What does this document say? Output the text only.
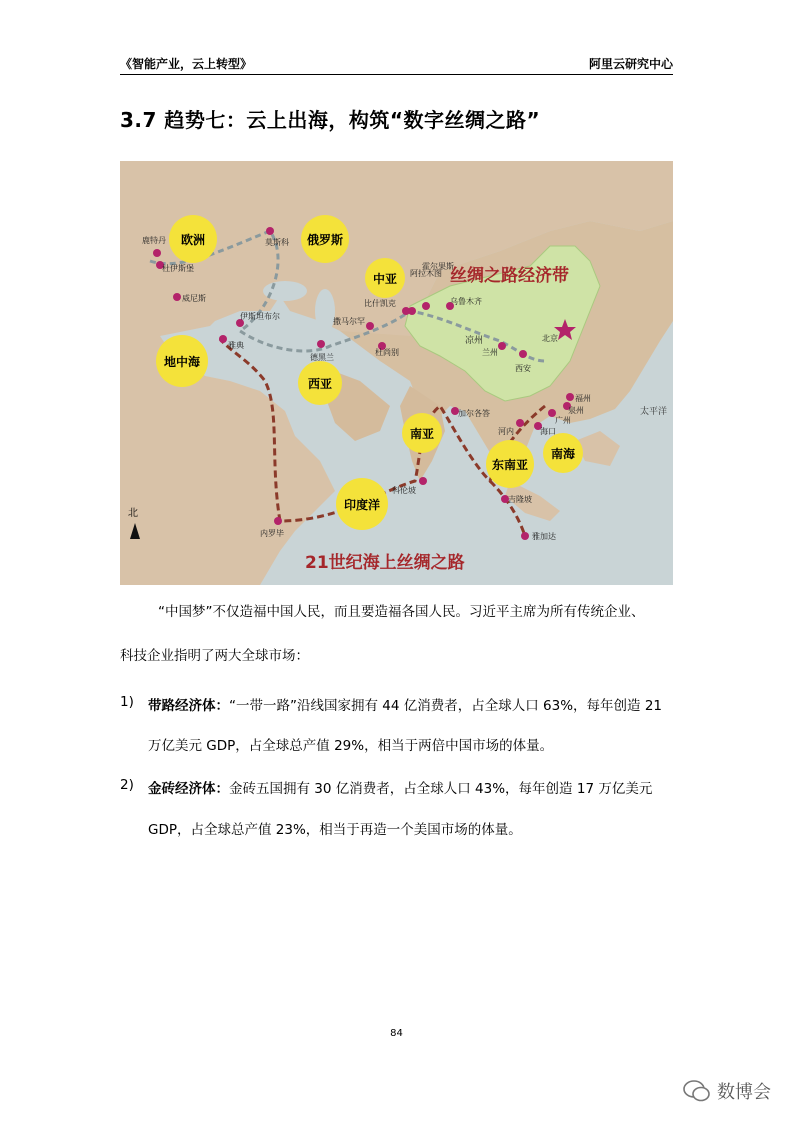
《智能产业，云上转型》	阿里云研究中心
3.7 趋势七：云上出海，构筑“数字丝绸之路”
欧洲	俄罗斯
中亚
西亚
地中海
南亚
东南亚
南海
印度洋
丝绸之路经济带
21世纪海上丝绸之路
北
太平洋
鹿特丹
杜伊斯堡
莫斯科
威尼斯
伊斯坦布尔
雅典
比什凯克
撒马尔罕
德黑兰
杜尚别
阿拉木图
霍尔果斯
乌鲁木齐
凉州
兰州
西安
北京
加尔各答
河内	海口
广州
泉州
福州
科伦坡
吉隆坡
雅加达
内罗毕
“中国梦”不仅造福中国人民，而且要造福各国人民。习近平主席为所有传统企业、
科技企业指明了两大全球市场：
1) 带路经济体：“一带一路”沿线国家拥有 44 亿消费者，占全球人口 63%，每年创造 21
万亿美元 GDP，占全球总产值 29%，相当于两倍中国市场的体量。
2) 金砖经济体：金砖五国拥有 30 亿消费者，占全球人口 43%，每年创造 17 万亿美元
GDP，占全球总产值 23%，相当于再造一个美国市场的体量。
84
数博会
